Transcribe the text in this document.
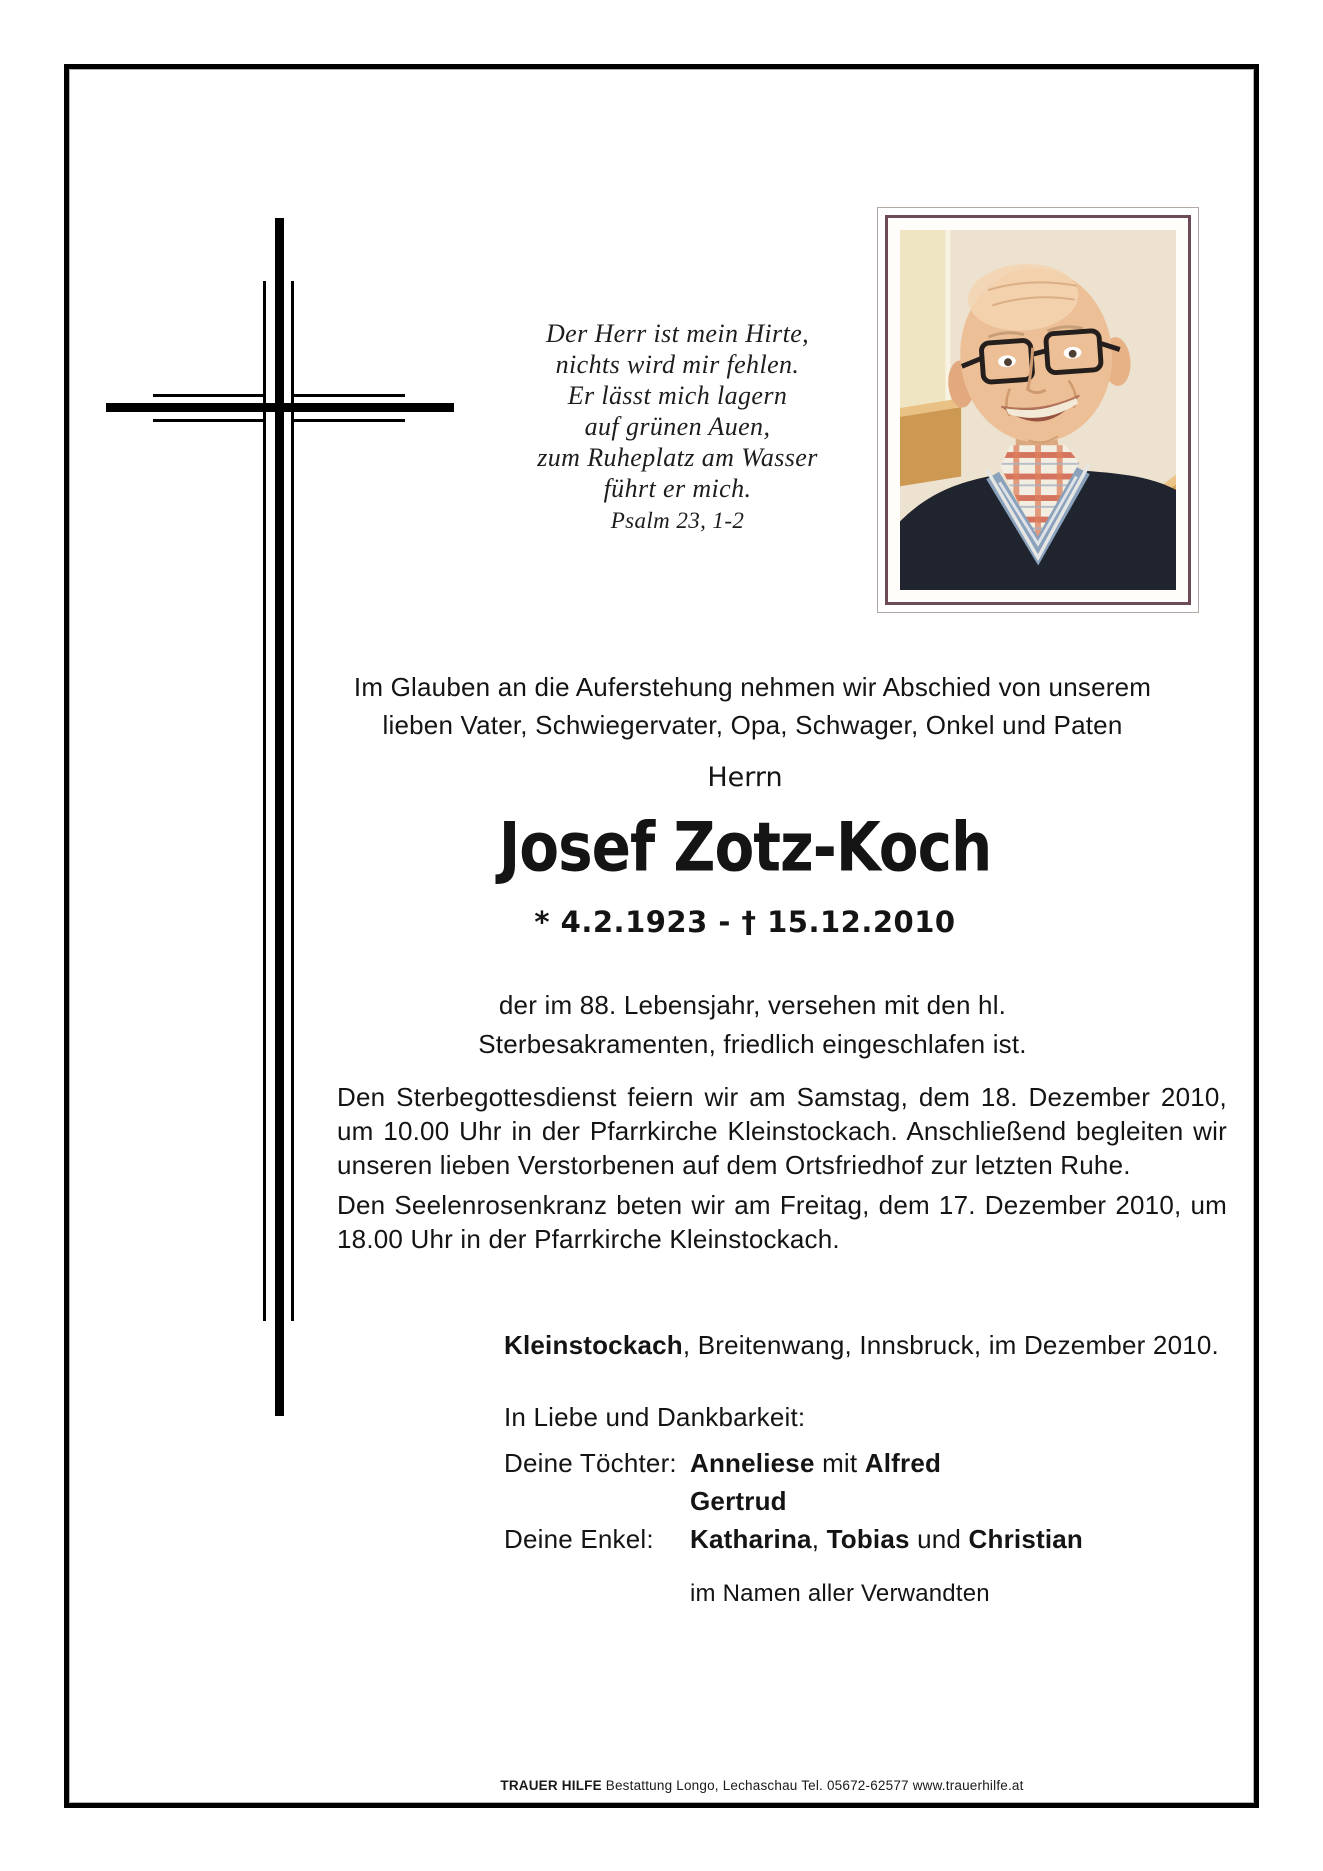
Der Herr ist mein Hirte,
nichts wird mir fehlen.
Er lässt mich lagern
auf grünen Auen,
zum Ruheplatz am Wasser
führt er mich.
Psalm 23, 1-2
Im Glauben an die Auferstehung nehmen wir Abschied von unserem
lieben Vater, Schwiegervater, Opa, Schwager, Onkel und Paten
Herrn
Josef Zotz-Koch
* 4.2.1923 - † 15.12.2010
der im 88. Lebensjahr, versehen mit den hl.
Sterbesakramenten, friedlich eingeschlafen ist.

Den Sterbegottesdienst feiern wir am Samstag, dem 18. Dezember 2010, um 10.00 Uhr in der Pfarrkirche Kleinstockach. Anschließend begleiten wir unseren lieben Verstorbenen auf dem Ortsfriedhof zur letzten Ruhe.

Den Seelenrosenkranz beten wir am Freitag, dem 17. Dezember 2010, um 18.00 Uhr in der Pfarrkirche Kleinstockach.

Kleinstockach, Breitenwang, Innsbruck, im Dezember 2010.
In Liebe und Dankbarkeit:
Deine Töchter: Anneliese mit Alfred
Gertrud
Deine Enkel:	Katharina, Tobias und Christian
im Namen aller Verwandten
TRAUER HILFE Bestattung Longo, Lechaschau Tel. 05672-62577 www.trauerhilfe.at
